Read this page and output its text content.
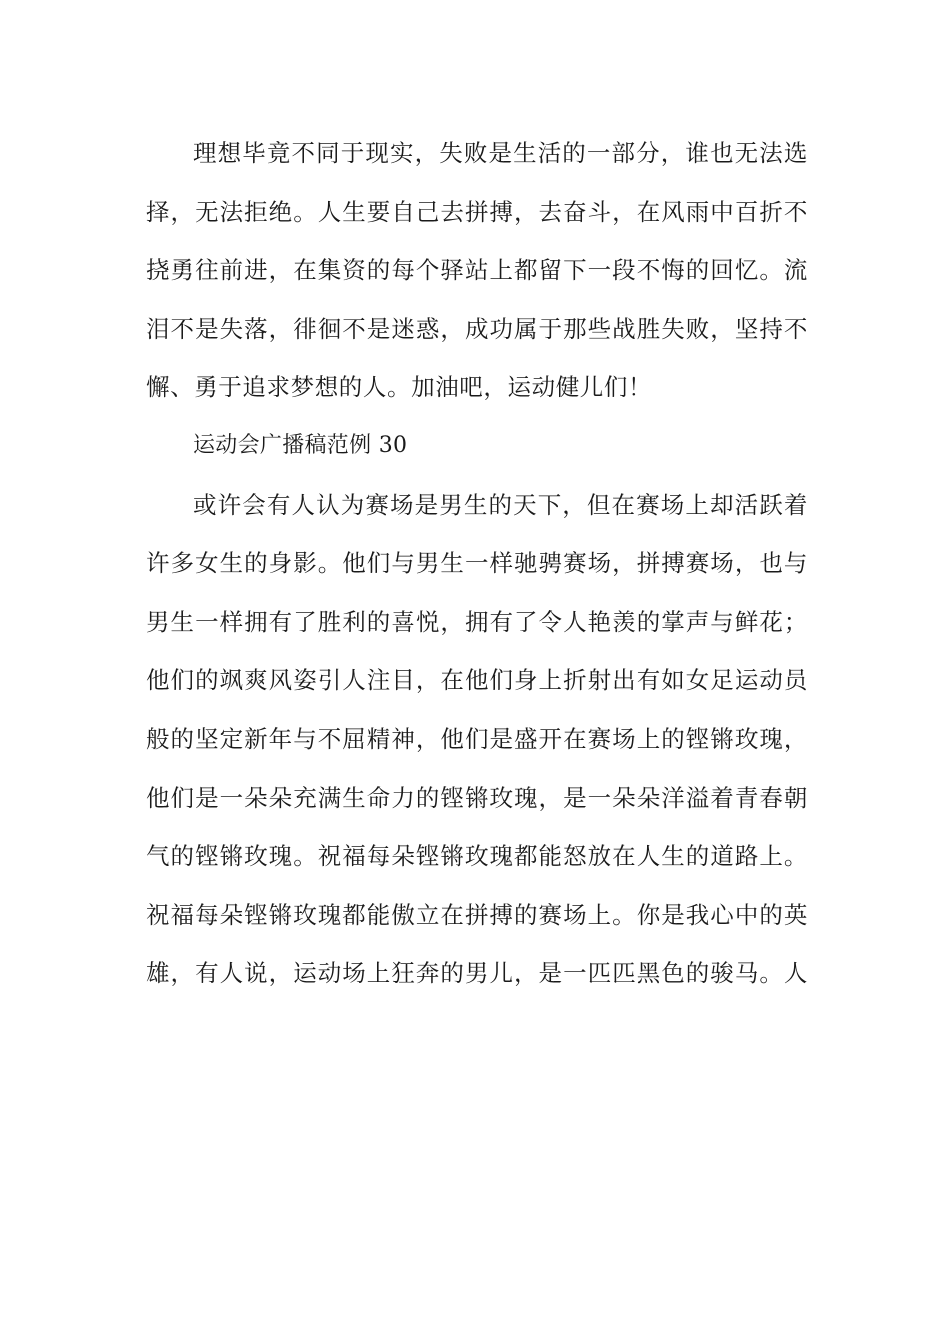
理想毕竟不同于现实，失败是生活的一部分，谁也无法选
择，无法拒绝。人生要自己去拼搏，去奋斗，在风雨中百折不
挠勇往前进，在集资的每个驿站上都留下一段不悔的回忆。流
泪不是失落，徘徊不是迷惑，成功属于那些战胜失败，坚持不
懈、勇于追求梦想的人。加油吧，运动健儿们！
运动会广播稿范例 30
或许会有人认为赛场是男生的天下，但在赛场上却活跃着
许多女生的身影。他们与男生一样驰骋赛场，拼搏赛场，也与
男生一样拥有了胜利的喜悦，拥有了令人艳羡的掌声与鲜花；
他们的飒爽风姿引人注目，在他们身上折射出有如女足运动员
般的坚定新年与不屈精神，他们是盛开在赛场上的铿锵玫瑰，
他们是一朵朵充满生命力的铿锵玫瑰，是一朵朵洋溢着青春朝
气的铿锵玫瑰。祝福每朵铿锵玫瑰都能怒放在人生的道路上。
祝福每朵铿锵玫瑰都能傲立在拼搏的赛场上。你是我心中的英
雄，有人说，运动场上狂奔的男儿，是一匹匹黑色的骏马。人
